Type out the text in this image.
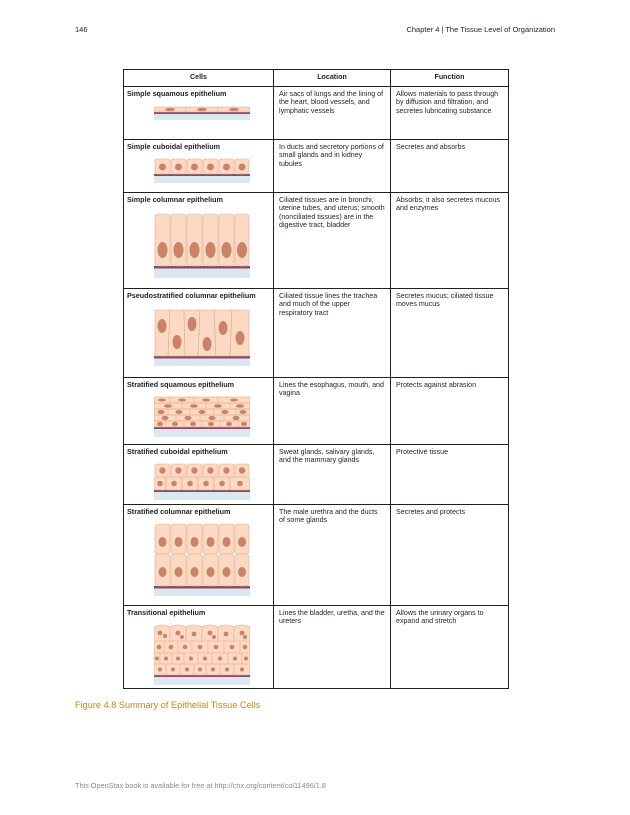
146	Chapter 4 | The Tissue Level of Organization
Cells	Location	Function

Simple squamous epithelium	Air sacs of lungs and the lining of the heart, blood vessels, and lymphatic vessels	Allows materials to pass through by diffusion and filtration, and secretes lubricating substance

Simple cuboidal epithelium	In ducts and secretory portions of small glands and in kidney tubules	Secretes and absorbs

Simple columnar epithelium	Ciliated tissues are in bronchi, uterine tubes, and uterus; smooth (nonciliated tissues) are in the digestive tract, bladder	Absorbs; it also secretes mucous and enzymes

Pseudostratified columnar epithelium	Ciliated tissue lines the trachea and much of the upper respiratory tract	Secretes mucus; ciliated tissue moves mucus

Stratified squamous epithelium	Lines the esophagus, mouth, and vagina	Protects against abrasion

Stratified cuboidal epithelium	Sweat glands, salivary glands, and the mammary glands	Protective tissue

Stratified columnar epithelium	The male urethra and the ducts of some glands	Secretes and protects

Transitional epithelium	Lines the bladder, uretha, and the ureters	Allows the urinary organs to expand and stretch
Figure 4.8 Summary of Epithelial Tissue Cells
This OpenStax book is available for free at http://cnx.org/content/col11496/1.8
